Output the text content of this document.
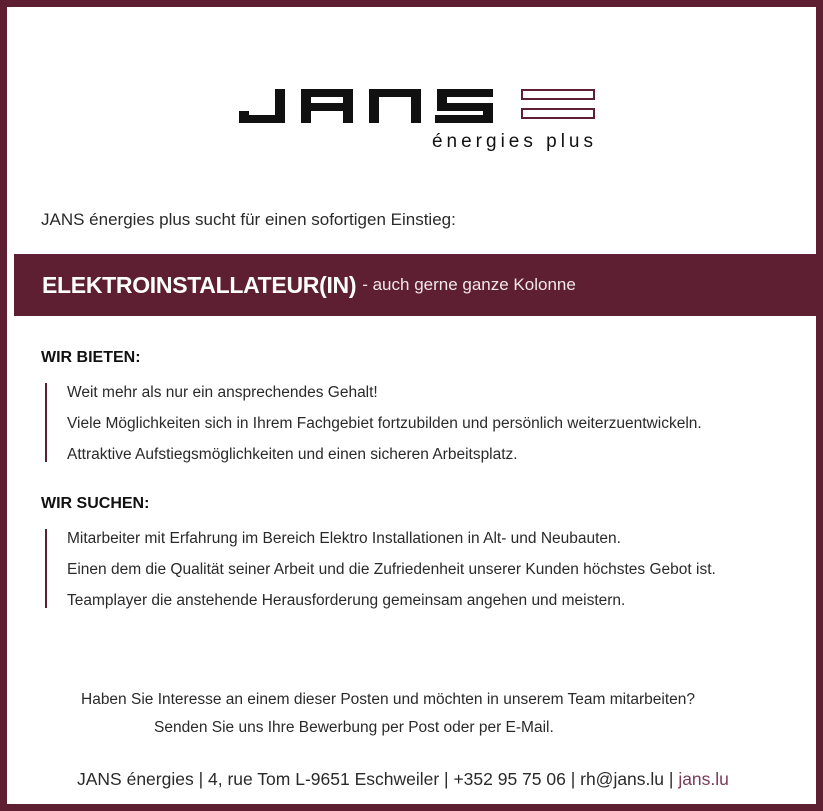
énergies plus
JANS énergies plus sucht für einen sofortigen Einstieg:
ELEKTROINSTALLATEUR(IN) - auch gerne ganze Kolonne
WIR BIETEN:
Weit mehr als nur ein ansprechendes Gehalt!
Viele Möglichkeiten sich in Ihrem Fachgebiet fortzubilden und persönlich weiterzuentwickeln.
Attraktive Aufstiegsmöglichkeiten und einen sicheren Arbeitsplatz.
WIR SUCHEN:
Mitarbeiter mit Erfahrung im Bereich Elektro Installationen in Alt- und Neubauten.
Einen dem die Qualität seiner Arbeit und die Zufriedenheit unserer Kunden höchstes Gebot ist.
Teamplayer die anstehende Herausforderung gemeinsam angehen und meistern.
Haben Sie Interesse an einem dieser Posten und möchten in unserem Team mitarbeiten?
Senden Sie uns Ihre Bewerbung per Post oder per E-Mail.
JANS énergies | 4, rue Tom L-9651 Eschweiler | +352 95 75 06 | rh@jans.lu | jans.lu
